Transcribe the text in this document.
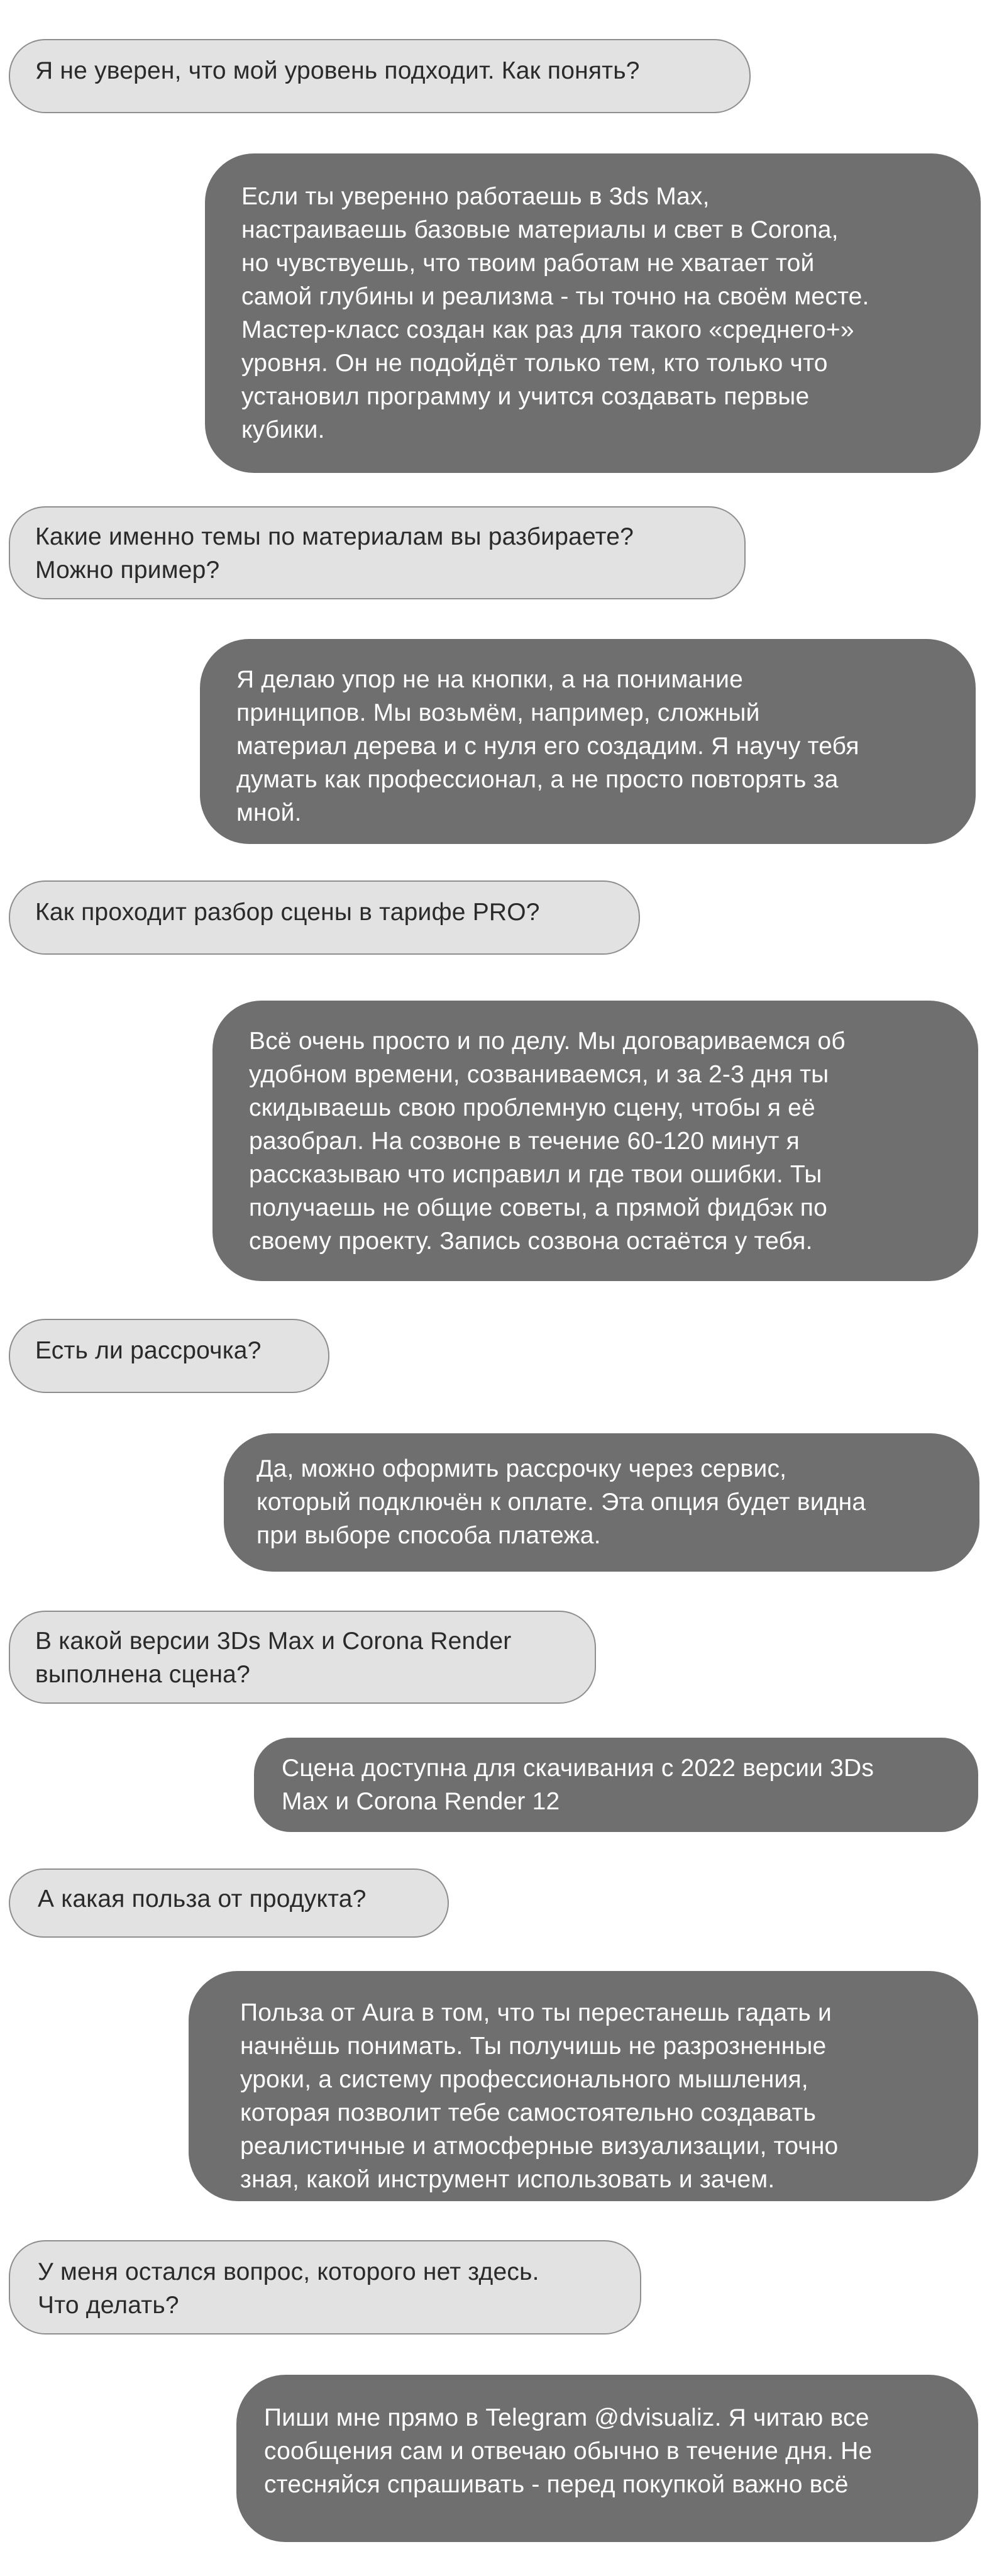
Я не уверен, что мой уровень подходит. Как понять?
Если ты уверенно работаешь в 3ds Max,
настраиваешь базовые материалы и свет в Corona,
но чувствуешь, что твоим работам не хватает той
самой глубины и реализма - ты точно на своём месте.
Мастер-класс создан как раз для такого «среднего+»
уровня. Он не подойдёт только тем, кто только что
установил программу и учится создавать первые
кубики.
Какие именно темы по материалам вы разбираете?
Можно пример?
Я делаю упор не на кнопки, а на понимание
принципов. Мы возьмём, например, сложный
материал дерева и с нуля его создадим. Я научу тебя
думать как профессионал, а не просто повторять за
мной.
Как проходит разбор сцены в тарифе PRO?
Всё очень просто и по делу. Мы договариваемся об
удобном времени, созваниваемся, и за 2-3 дня ты
скидываешь свою проблемную сцену, чтобы я её
разобрал. На созвоне в течение 60-120 минут я
рассказываю что исправил и где твои ошибки. Ты
получаешь не общие советы, а прямой фидбэк по
своему проекту. Запись созвона остаётся у тебя.
Есть ли рассрочка?
Да, можно оформить рассрочку через сервис,
который подключён к оплате. Эта опция будет видна
при выборе способа платежа.
В какой версии 3Ds Max и Corona Render
выполнена сцена?
Сцена доступна для скачивания с 2022 версии 3Ds
Max и Corona Render 12
А какая польза от продукта?
Польза от Aura в том, что ты перестанешь гадать и
начнёшь понимать. Ты получишь не разрозненные
уроки, а систему профессионального мышления,
которая позволит тебе самостоятельно создавать
реалистичные и атмосферные визуализации, точно
зная, какой инструмент использовать и зачем.
У меня остался вопрос, которого нет здесь.
Что делать?
Пиши мне прямо в Telegram @dvisualiz. Я читаю все
сообщения сам и отвечаю обычно в течение дня. Не
стесняйся спрашивать - перед покупкой важно всё
